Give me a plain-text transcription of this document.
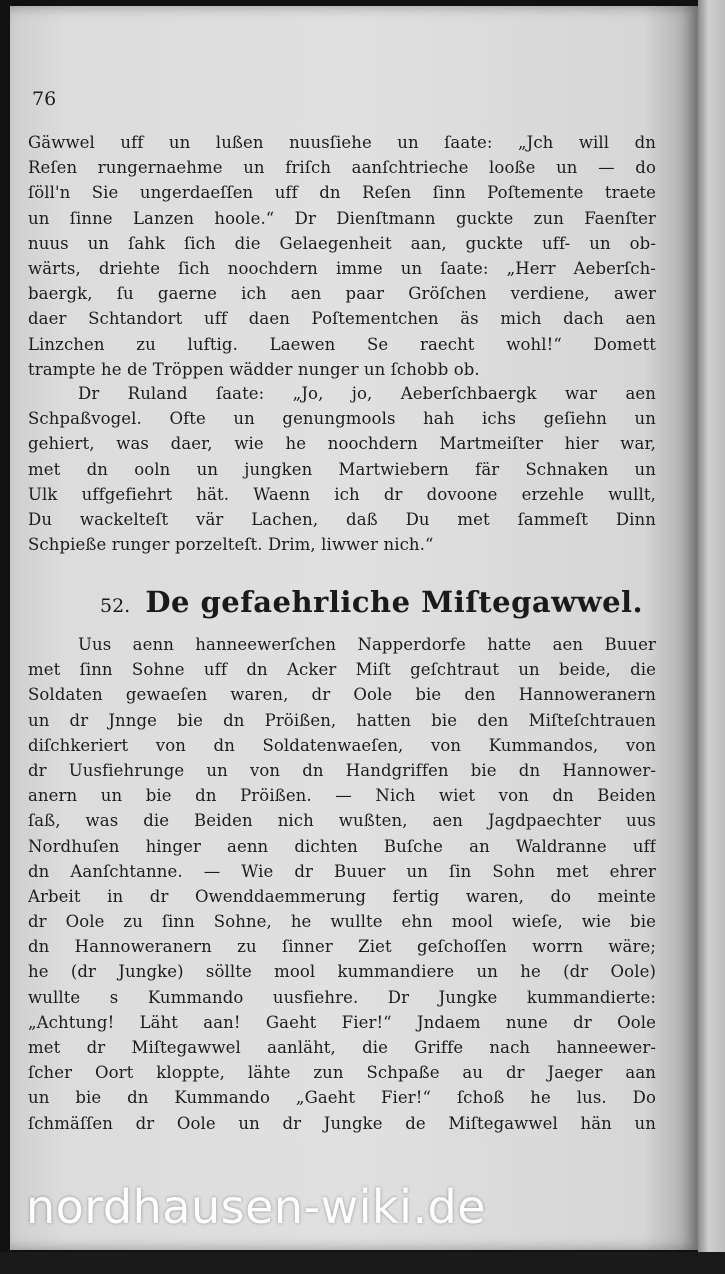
76
Gäwwel uff un lußen nuusſiehe un ſaate: „Jch will dn
Reſen rungernaehme un friſch aanſchtrieche looße un — do
ſöll'n Sie ungerdaeſſen uff dn Reſen ſinn Poſtemente traete
un ſinne Lanzen hoole.“ Dr Dienſtmann guckte zun Faenſter
nuus un ſahk ſich die Gelaegenheit aan, guckte uff- un ob-
wärts, driehte ſich noochdern imme un ſaate: „Herr Aeberſch-
baergk, ſu gaerne ich aen paar Gröſchen verdiene, awer
daer Schtandort uff daen Poſtementchen äs mich dach aen
Linzchen zu luftig. Laewen Se raecht wohl!“ Domett
trampte he de Tröppen wädder nunger un ſchobb ob.
Dr Ruland ſaate: „Jo, jo, Aeberſchbaergk war aen
Schpaßvogel. Ofte un genungmools hah ichs geſiehn un
gehiert, was daer, wie he noochdern Martmeiſter hier war,
met dn ooln un jungken Martwiebern fär Schnaken un
Ulk uffgefiehrt hät. Waenn ich dr dovoone erzehle wullt,
Du wackelteſt vär Lachen, daß Du met ſammeſt Dinn
Schpieße runger porzelteſt. Drim, liwwer nich.“
52. De gefaehrliche Miſtegawwel.
Uus aenn hanneewerſchen Napperdorfe hatte aen Buuer
met ſinn Sohne uff dn Acker Miſt geſchtraut un beide, die
Soldaten gewaeſen waren, dr Oole bie den Hannoweranern
un dr Jnnge bie dn Pröißen, hatten bie den Miſteſchtrauen
diſchkeriert von dn Soldatenwaeſen, von Kummandos, von
dr Uusfiehrunge un von dn Handgriffen bie dn Hannower-
anern un bie dn Pröißen. — Nich wiet von dn Beiden
ſaß, was die Beiden nich wußten, aen Jagdpaechter uus
Nordhuſen hinger aenn dichten Buſche an Waldranne uff
dn Aanſchtanne. — Wie dr Buuer un ſin Sohn met ehrer
Arbeit in dr Owenddaemmerung fertig waren, do meinte
dr Oole zu ſinn Sohne, he wullte ehn mool wieſe, wie bie
dn Hannoweranern zu ſinner Ziet geſchoſſen worrn wäre;
he (dr Jungke) söllte mool kummandiere un he (dr Oole)
wullte s Kummando uusfiehre. Dr Jungke kummandierte:
„Achtung! Läht aan! Gaeht Fier!“ Jndaem nune dr Oole
met dr Miſtegawwel aanläht, die Griffe nach hanneewer-
ſcher Oort kloppte, lähte zun Schpaße au dr Jaeger aan
un bie dn Kummando „Gaeht Fier!“ ſchoß he lus. Do
ſchmäſſen dr Oole un dr Jungke de Miſtegawwel hän un
nordhausen-wiki.de
